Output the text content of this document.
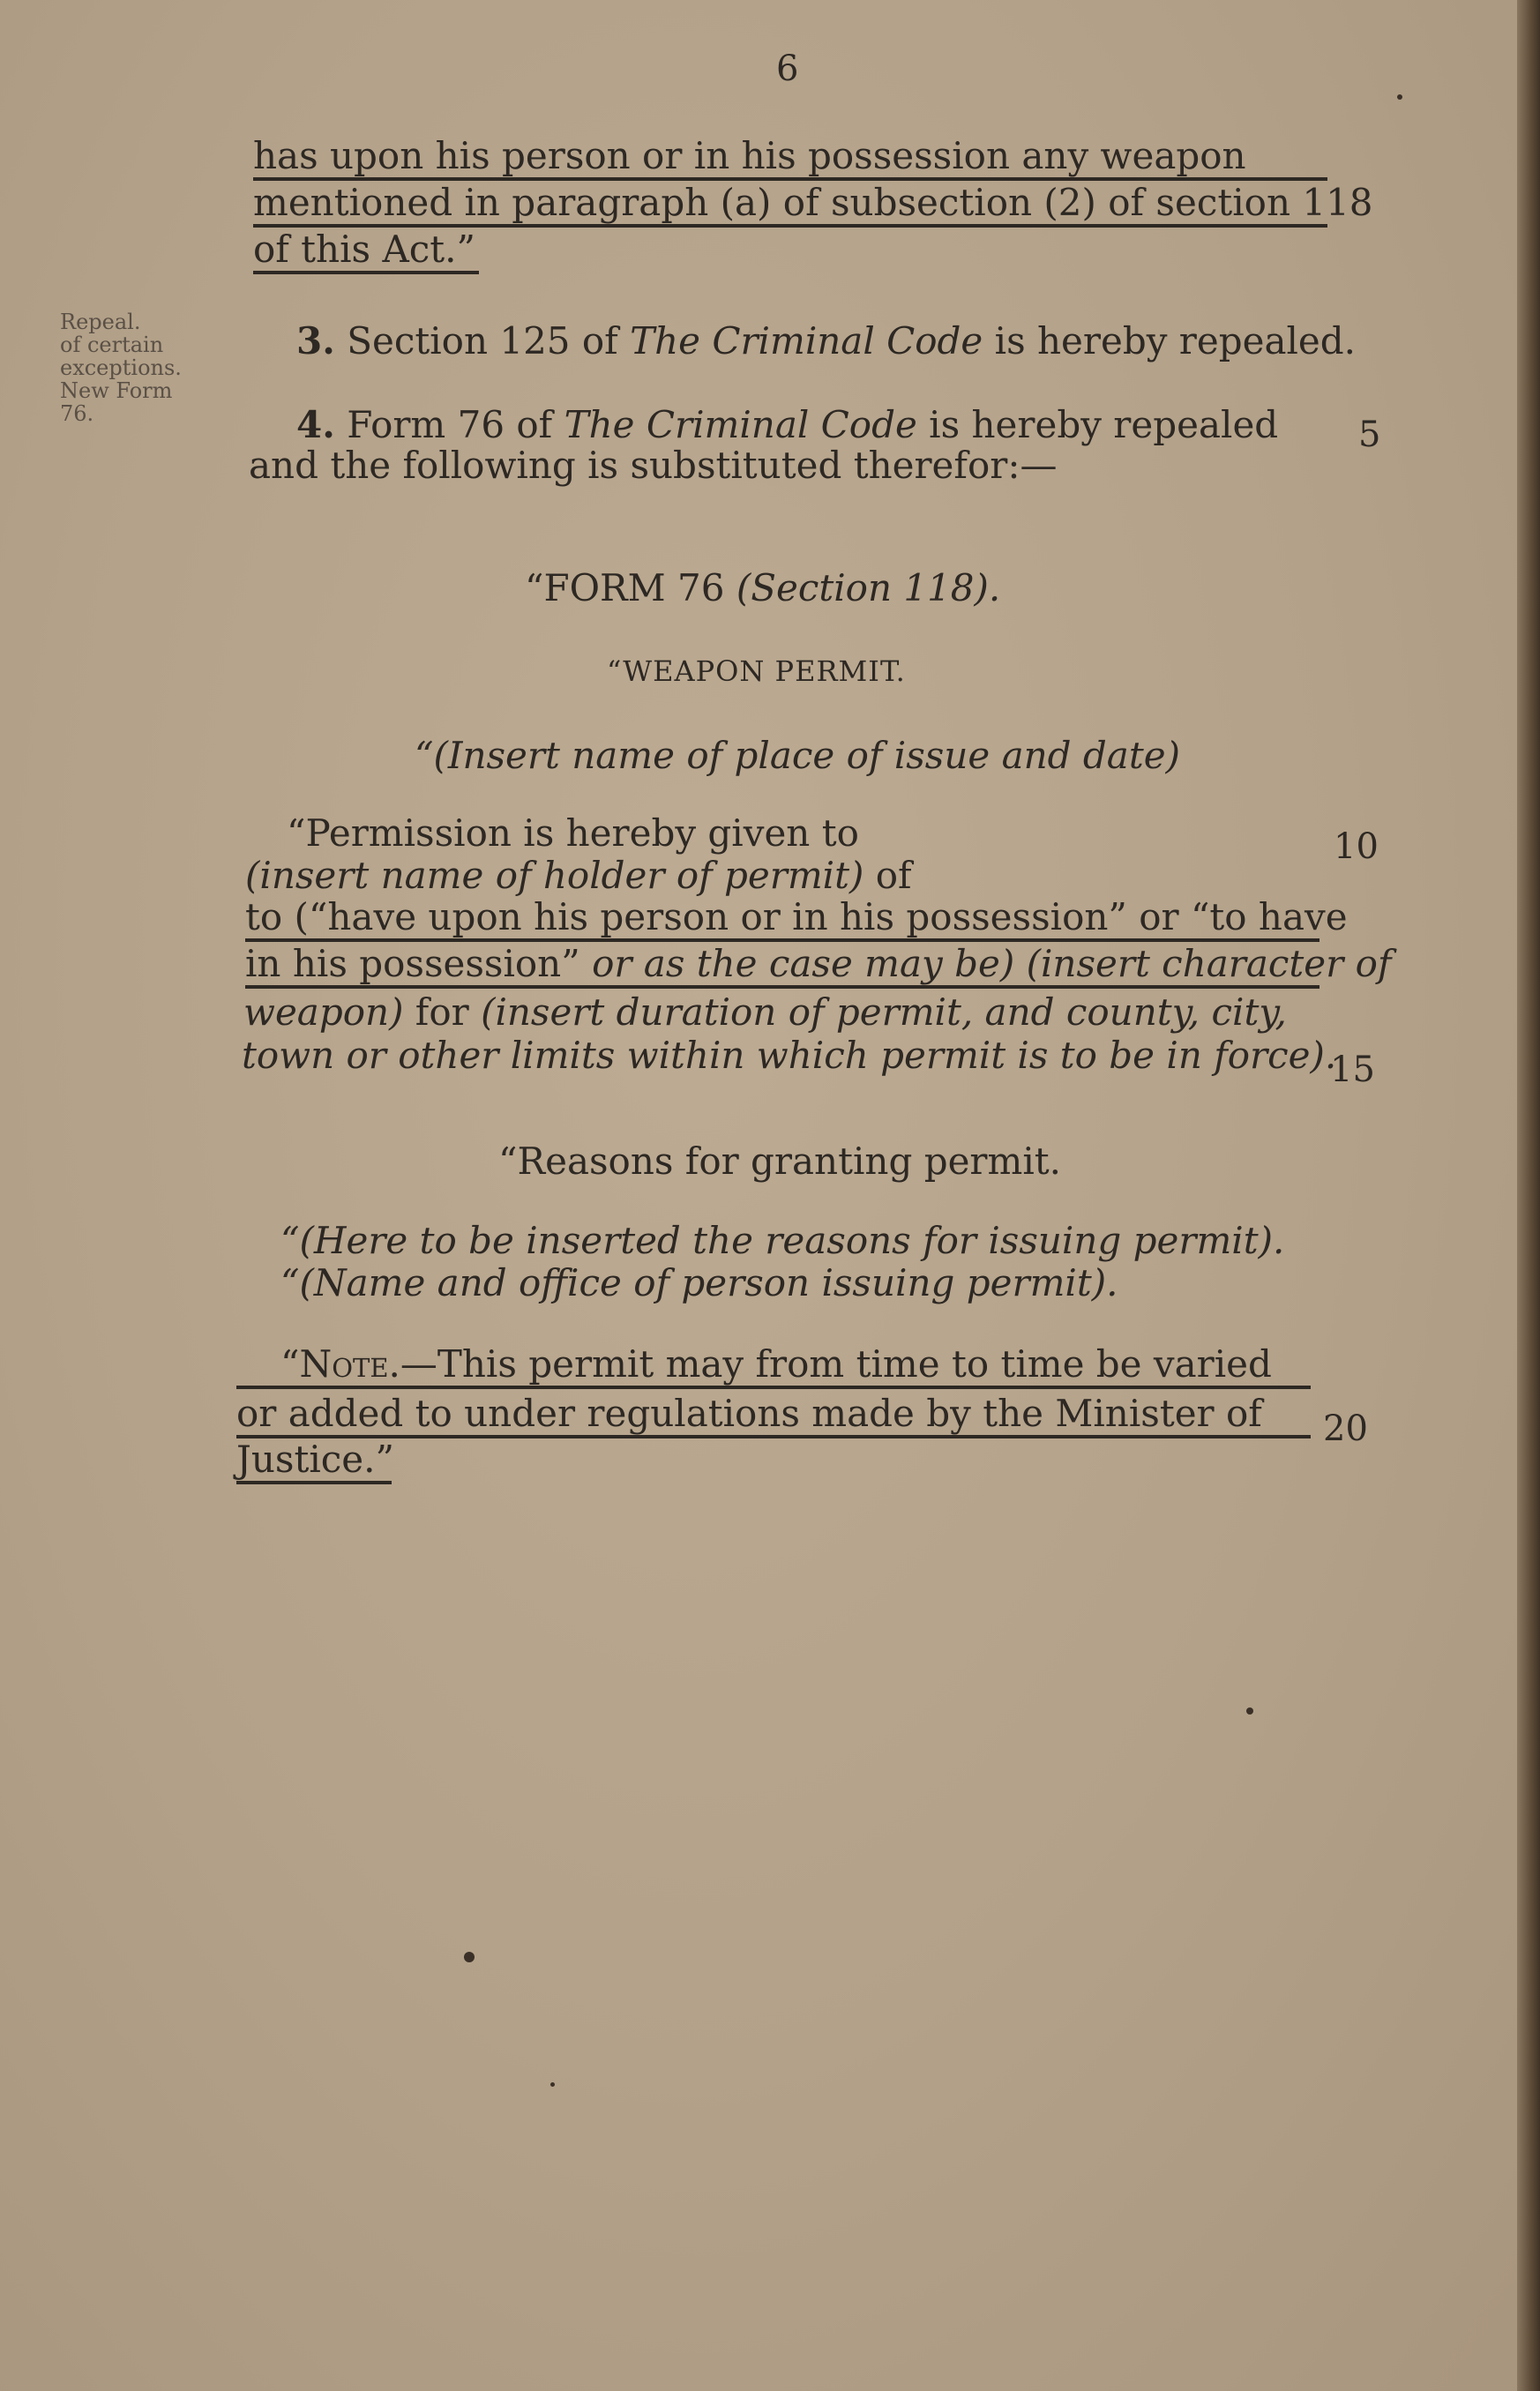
6
has upon his person or in his possession any weapon
mentioned in paragraph (a) of subsection (2) of section 118
of this Act.”
Repeal.
of certain
exceptions.
New Form
76.
3. Section 125 of The Criminal Code is hereby repealed.
4. Form 76 of The Criminal Code is hereby repealed
and the following is substituted therefor:—
“FORM 76 (Section 118).
“WEAPON PERMIT.
“(Insert name of place of issue and date)
“Permission is hereby given to
(insert name of holder of permit) of
to (“have upon his person or in his possession” or “to have
in his possession” or as the case may be) (insert character of
weapon) for (insert duration of permit, and county, city,
town or other limits within which permit is to be in force).
“Reasons for granting permit.
“(Here to be inserted the reasons for issuing permit).
“(Name and office of person issuing permit).
“Note.—This permit may from time to time be varied
or added to under regulations made by the Minister of
Justice.”
5
10
15
20
